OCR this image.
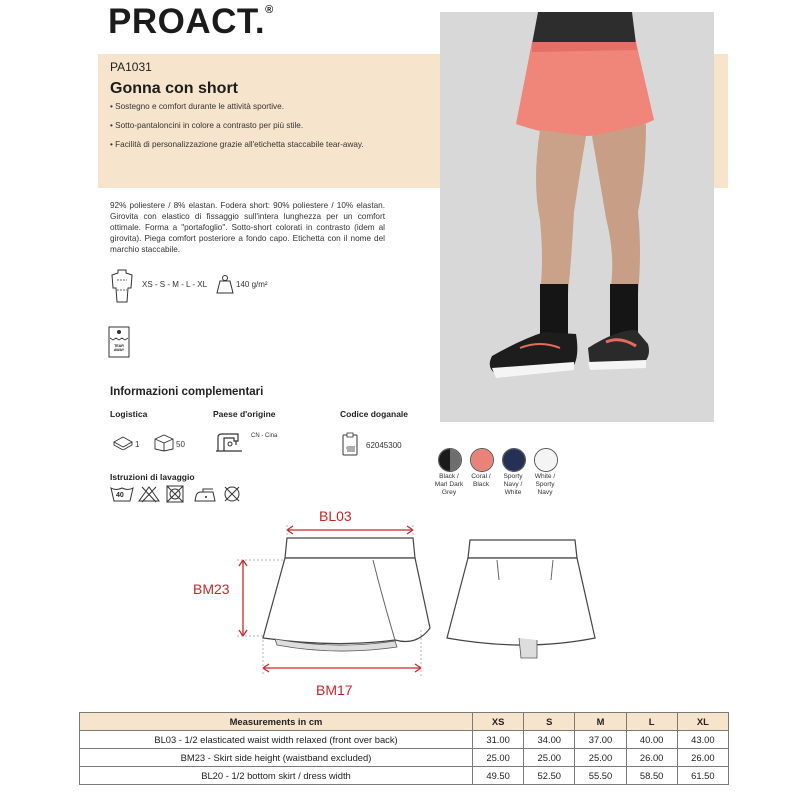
PROACT.®
PA1031
Gonna con short

• Sostegno e comfort durante le attività sportive.

• Sotto-pantaloncini in colore a contrasto per più stile.

• Facilità di personalizzazione grazie all'etichetta staccabile tear-away.

92% poliestere / 8% elastan. Fodera short: 90% poliestere / 10% elastan. Girovita con elastico di fissaggio sull'intera lunghezza per un comfort ottimale. Forma a "portafoglio". Sotto-short colorati in contrasto (idem al girovita). Piega comfort posteriore a fondo capo. Etichetta con il nome del marchio staccabile.
XS - S - M - L - XL	140 g/m²
TEAR AWAY
Informazioni complementari
Logistica	Paese d'origine	Codice doganale
1	50
CN - Cina
62045300
Istruzioni di lavaggio
40
Black / Marl Dark Grey
Coral / Black
Sporty Navy / White
White / Sporty Navy
BL03
BM23
BM17
Measurements in cm	XS	S	M	L	XL
BL03 - 1/2 elasticated waist width relaxed (front over back)	31.00	34.00	37.00	40.00	43.00
BM23 - Skirt side height (waistband excluded)	25.00	25.00	25.00	26.00	26.00
BL20 - 1/2 bottom skirt / dress width	49.50	52.50	55.50	58.50	61.50
